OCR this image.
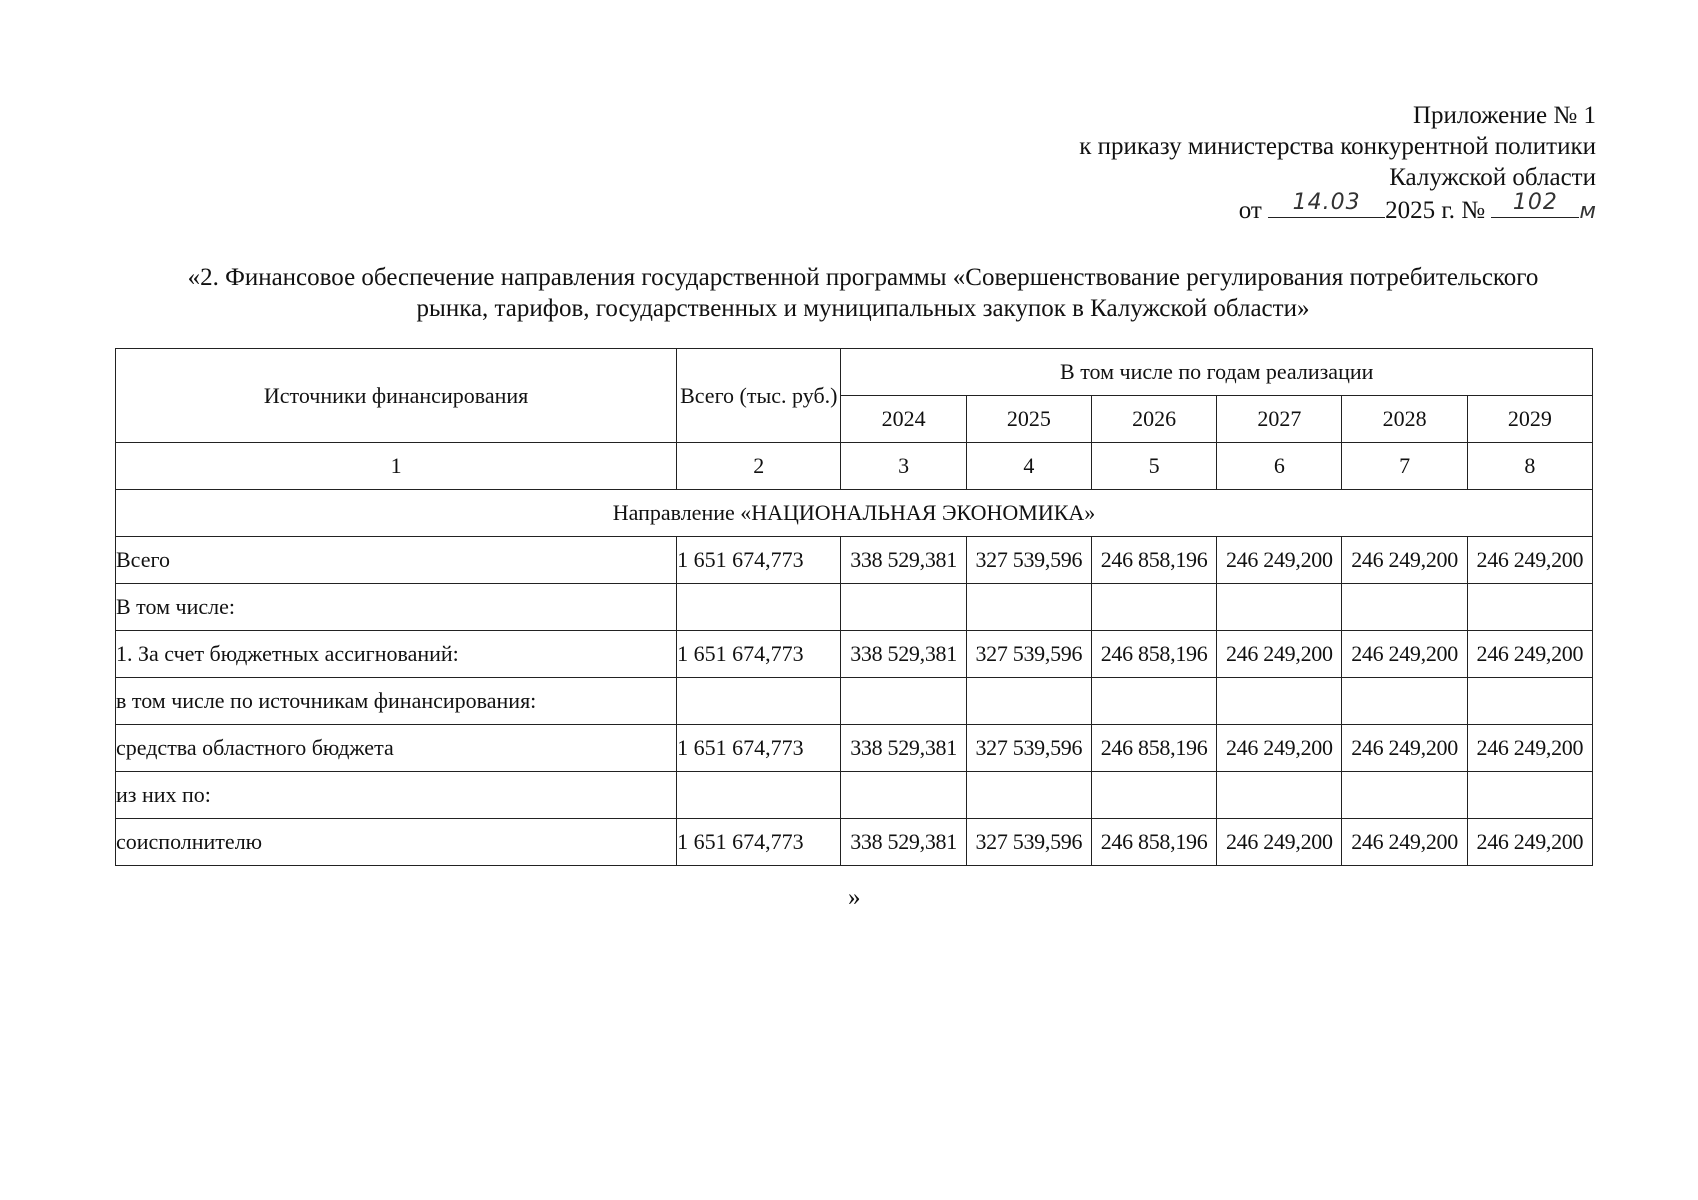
Приложение № 1
к приказу министерства конкурентной политики
Калужской области
от	14.03 2025 г. №	102 м
«2. Финансовое обеспечение направления государственной программы «Совершенствование регулирования потребительского
рынка, тарифов, государственных и муниципальных закупок в Калужской области»
Источники финансирования	Всего (тыс. руб.)	В том числе по годам реализации					
		2024	2025	2026	2027	2028	2029
1	2	3	4	5	6	7	8
Направление «НАЦИОНАЛЬНАЯ ЭКОНОМИКА»							
Всего	1 651 674,773	338 529,381	327 539,596	246 858,196	246 249,200	246 249,200	246 249,200
В том числе:							
1. За счет бюджетных ассигнований:	1 651 674,773	338 529,381	327 539,596	246 858,196	246 249,200	246 249,200	246 249,200
в том числе по источникам финансирования:							
средства областного бюджета	1 651 674,773	338 529,381	327 539,596	246 858,196	246 249,200	246 249,200	246 249,200
из них по:							
соисполнителю	1 651 674,773	338 529,381	327 539,596	246 858,196	246 249,200	246 249,200	246 249,200
»
